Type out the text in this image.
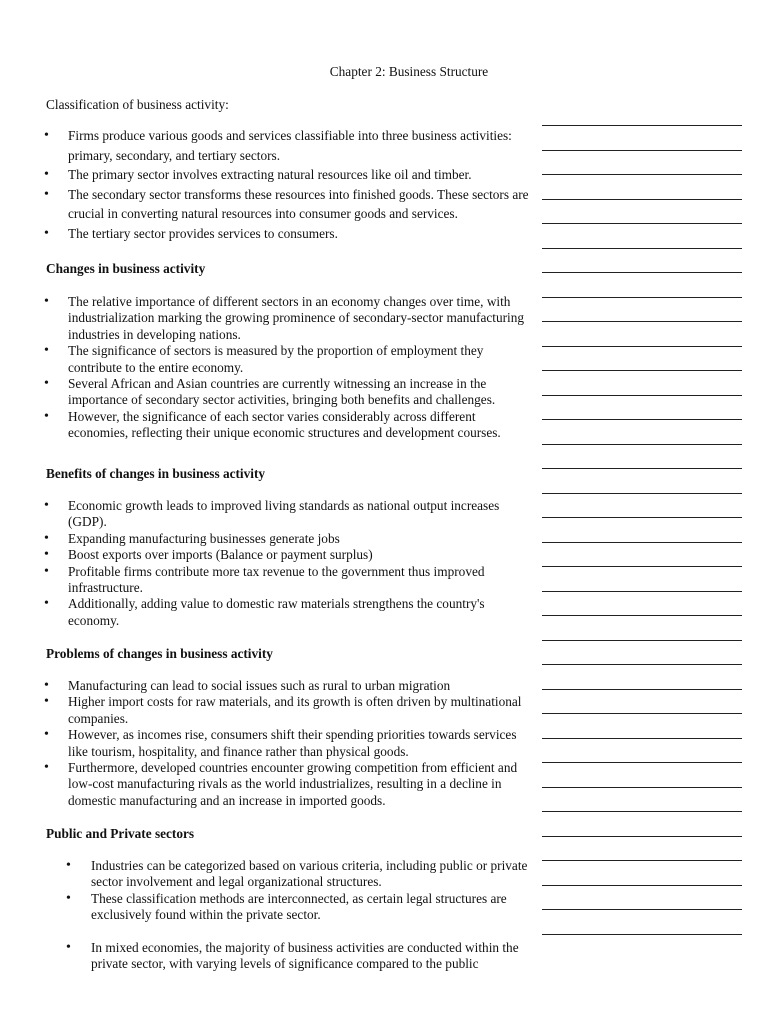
Chapter 2: Business Structure
Classification of business activity:
• Firms produce various goods and services classifiable into three business activities: primary, secondary, and tertiary sectors.
• The primary sector involves extracting natural resources like oil and timber.
• The secondary sector transforms these resources into finished goods. These sectors are crucial in converting natural resources into consumer goods and services.
• The tertiary sector provides services to consumers.
Changes in business activity
• The relative importance of different sectors in an economy changes over time, with industrialization marking the growing prominence of secondary-sector manufacturing industries in developing nations.
• The significance of sectors is measured by the proportion of employment they contribute to the entire economy.
• Several African and Asian countries are currently witnessing an increase in the importance of secondary sector activities, bringing both benefits and challenges.
• However, the significance of each sector varies considerably across different economies, reflecting their unique economic structures and development courses.
Benefits of changes in business activity
• Economic growth leads to improved living standards as national output increases (GDP).
• Expanding manufacturing businesses generate jobs
• Boost exports over imports (Balance or payment surplus)
• Profitable firms contribute more tax revenue to the government thus improved infrastructure.
• Additionally, adding value to domestic raw materials strengthens the country's economy.
Problems of changes in business activity
• Manufacturing can lead to social issues such as rural to urban migration
• Higher import costs for raw materials, and its growth is often driven by multinational companies.
• However, as incomes rise, consumers shift their spending priorities towards services like tourism, hospitality, and finance rather than physical goods.
• Furthermore, developed countries encounter growing competition from efficient and low-cost manufacturing rivals as the world industrializes, resulting in a decline in domestic manufacturing and an increase in imported goods.
Public and Private sectors
• Industries can be categorized based on various criteria, including public or private sector involvement and legal organizational structures.
• These classification methods are interconnected, as certain legal structures are exclusively found within the private sector.
• In mixed economies, the majority of business activities are conducted within the private sector, with varying levels of significance compared to the public
